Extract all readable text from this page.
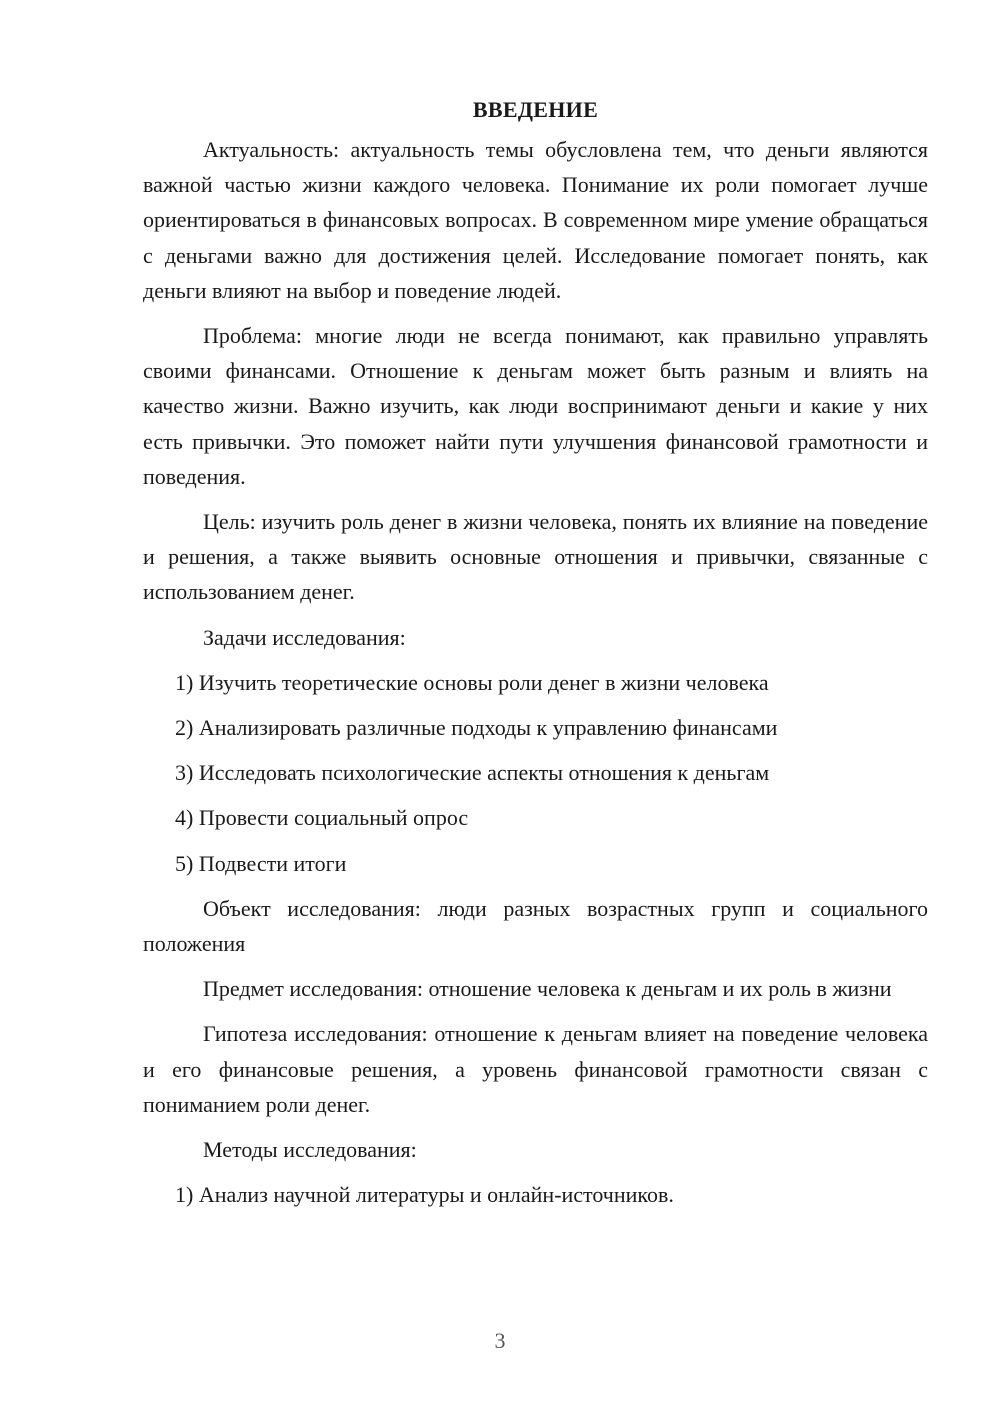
ВВЕДЕНИЕ

Актуальность: актуальность темы обусловлена тем, что деньги являются важной частью жизни каждого человека. Понимание их роли помогает лучше ориентироваться в финансовых вопросах. В современном мире умение обращаться с деньгами важно для достижения целей. Исследование помогает понять, как деньги влияют на выбор и поведение людей.

Проблема: многие люди не всегда понимают, как правильно управлять своими финансами. Отношение к деньгам может быть разным и влиять на качество жизни. Важно изучить, как люди воспринимают деньги и какие у них есть привычки. Это поможет найти пути улучшения финансовой грамотности и поведения.

Цель: изучить роль денег в жизни человека, понять их влияние на поведение и решения, а также выявить основные отношения и привычки, связанные с использованием денег.

Задачи исследования:

1) Изучить теоретические основы роли денег в жизни человека

2) Анализировать различные подходы к управлению финансами

3) Исследовать психологические аспекты отношения к деньгам

4) Провести социальный опрос

5) Подвести итоги

Объект исследования: люди разных возрастных групп и социального положения

Предмет исследования: отношение человека к деньгам и их роль в жизни

Гипотеза исследования: отношение к деньгам влияет на поведение человека и его финансовые решения, а уровень финансовой грамотности связан с пониманием роли денег.

Методы исследования:

1) Анализ научной литературы и онлайн-источников.

3
